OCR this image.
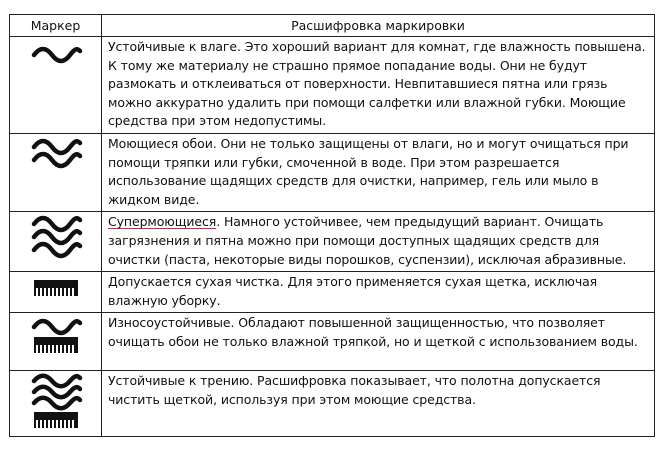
Маркер	Расшифровка маркировки

	Устойчивые к влаге. Это хороший вариант для комнат, где влажность повышена. К тому же материалу не страшно прямое попадание воды. Они не будут размокать и отклеиваться от поверхности. Невпитавшиеся пятна или грязь можно аккуратно удалить при помощи салфетки или влажной губки. Моющие средства при этом недопустимы.

	Моющиеся обои. Они не только защищены от влаги, но и могут очищаться при помощи тряпки или губки, смоченной в воде. При этом разрешается использование щадящих средств для очистки, например, гель или мыло в жидком виде.

	Супермоющиеся. Намного устойчивее, чем предыдущий вариант. Очищать загрязнения и пятна можно при помощи доступных щадящих средств для очистки (паста, некоторые виды порошков, суспензии), исключая абразивные.

	Допускается сухая чистка. Для этого применяется сухая щетка, исключая влажную уборку.

	Износоустойчивые. Обладают повышенной защищенностью, что позволяет очищать обои не только влажной тряпкой, но и щеткой с использованием воды.

	Устойчивые к трению. Расшифровка показывает, что полотна допускается чистить щеткой, используя при этом моющие средства.
